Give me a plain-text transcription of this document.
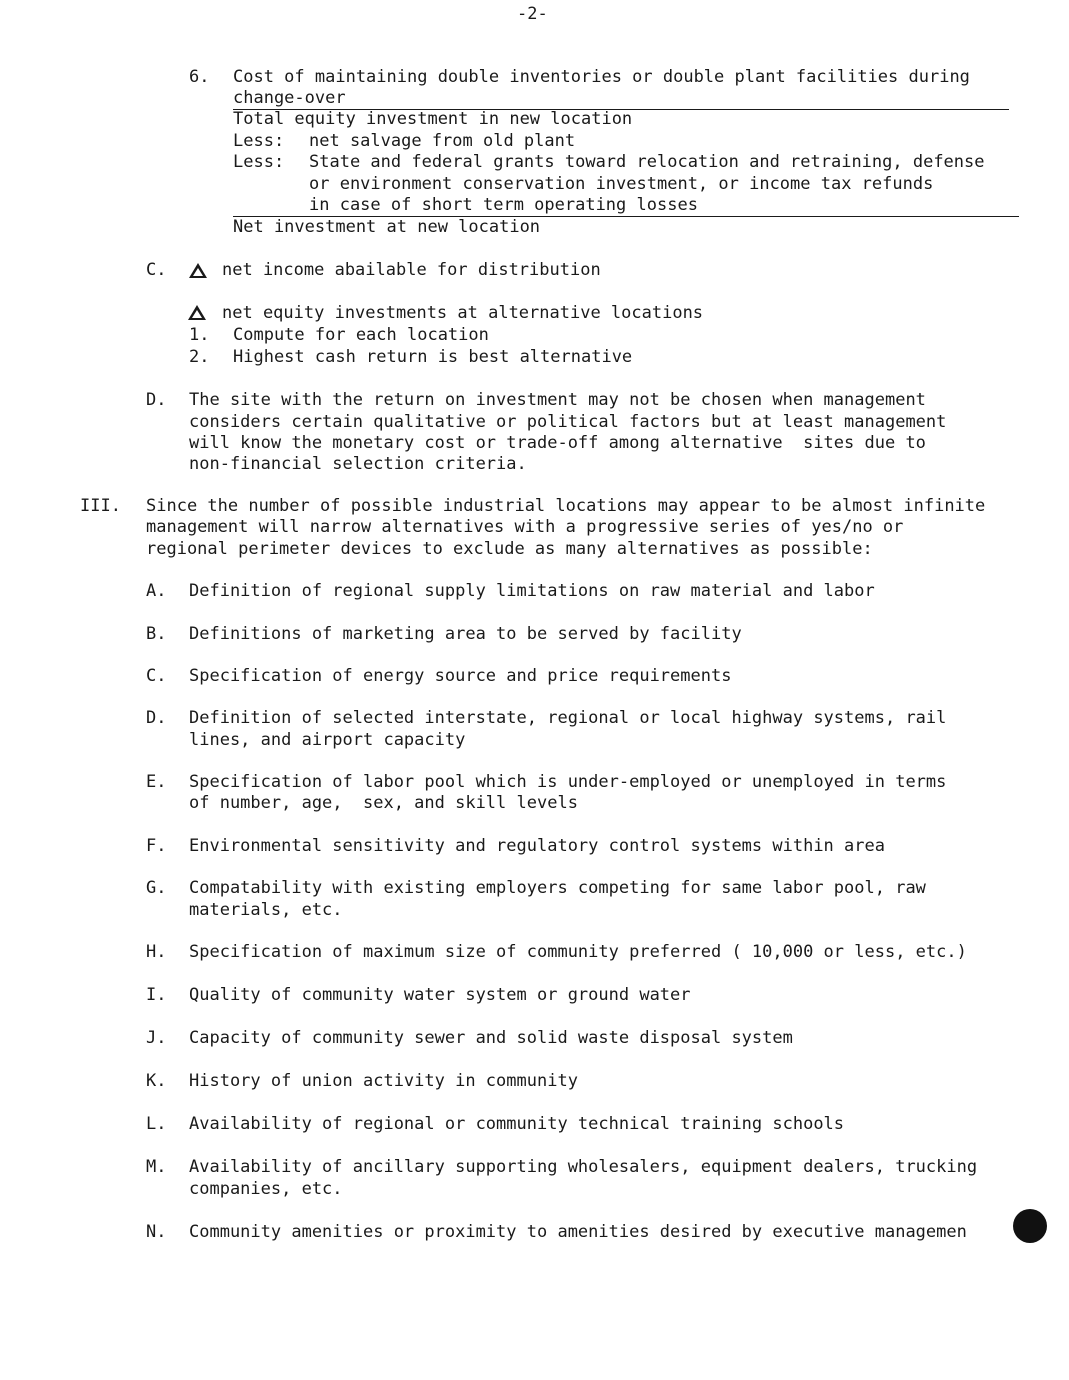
-2-
6. Cost of maintaining double inventories or double plant facilities during
change-over
Total equity investment in new location
Less: net salvage from old plant
Less: State and federal grants toward relocation and retraining, defense
or environment conservation investment, or income tax refunds
in case of short term operating losses
Net investment at new location
C.	net income abailable for distribution
net equity investments at alternative locations
1. Compute for each location
2. Highest cash return is best alternative
D. The site with the return on investment may not be chosen when management
considers certain qualitative or political factors but at least management
will know the monetary cost or trade-off among alternative  sites due to
non-financial selection criteria.
III. Since the number of possible industrial locations may appear to be almost infinite
management will narrow alternatives with a progressive series of yes/no or
regional perimeter devices to exclude as many alternatives as possible:
A. Definition of regional supply limitations on raw material and labor
B. Definitions of marketing area to be served by facility
C. Specification of energy source and price requirements
D. Definition of selected interstate, regional or local highway systems, rail
lines, and airport capacity
E. Specification of labor pool which is under-employed or unemployed in terms
of number, age,  sex, and skill levels
F. Environmental sensitivity and regulatory control systems within area
G. Compatability with existing employers competing for same labor pool, raw
materials, etc.
H. Specification of maximum size of community preferred ( 10,000 or less, etc.)
I. Quality of community water system or ground water
J. Capacity of community sewer and solid waste disposal system
K. History of union activity in community
L. Availability of regional or community technical training schools
M. Availability of ancillary supporting wholesalers, equipment dealers, trucking
companies, etc.
N. Community amenities or proximity to amenities desired by executive managemen
